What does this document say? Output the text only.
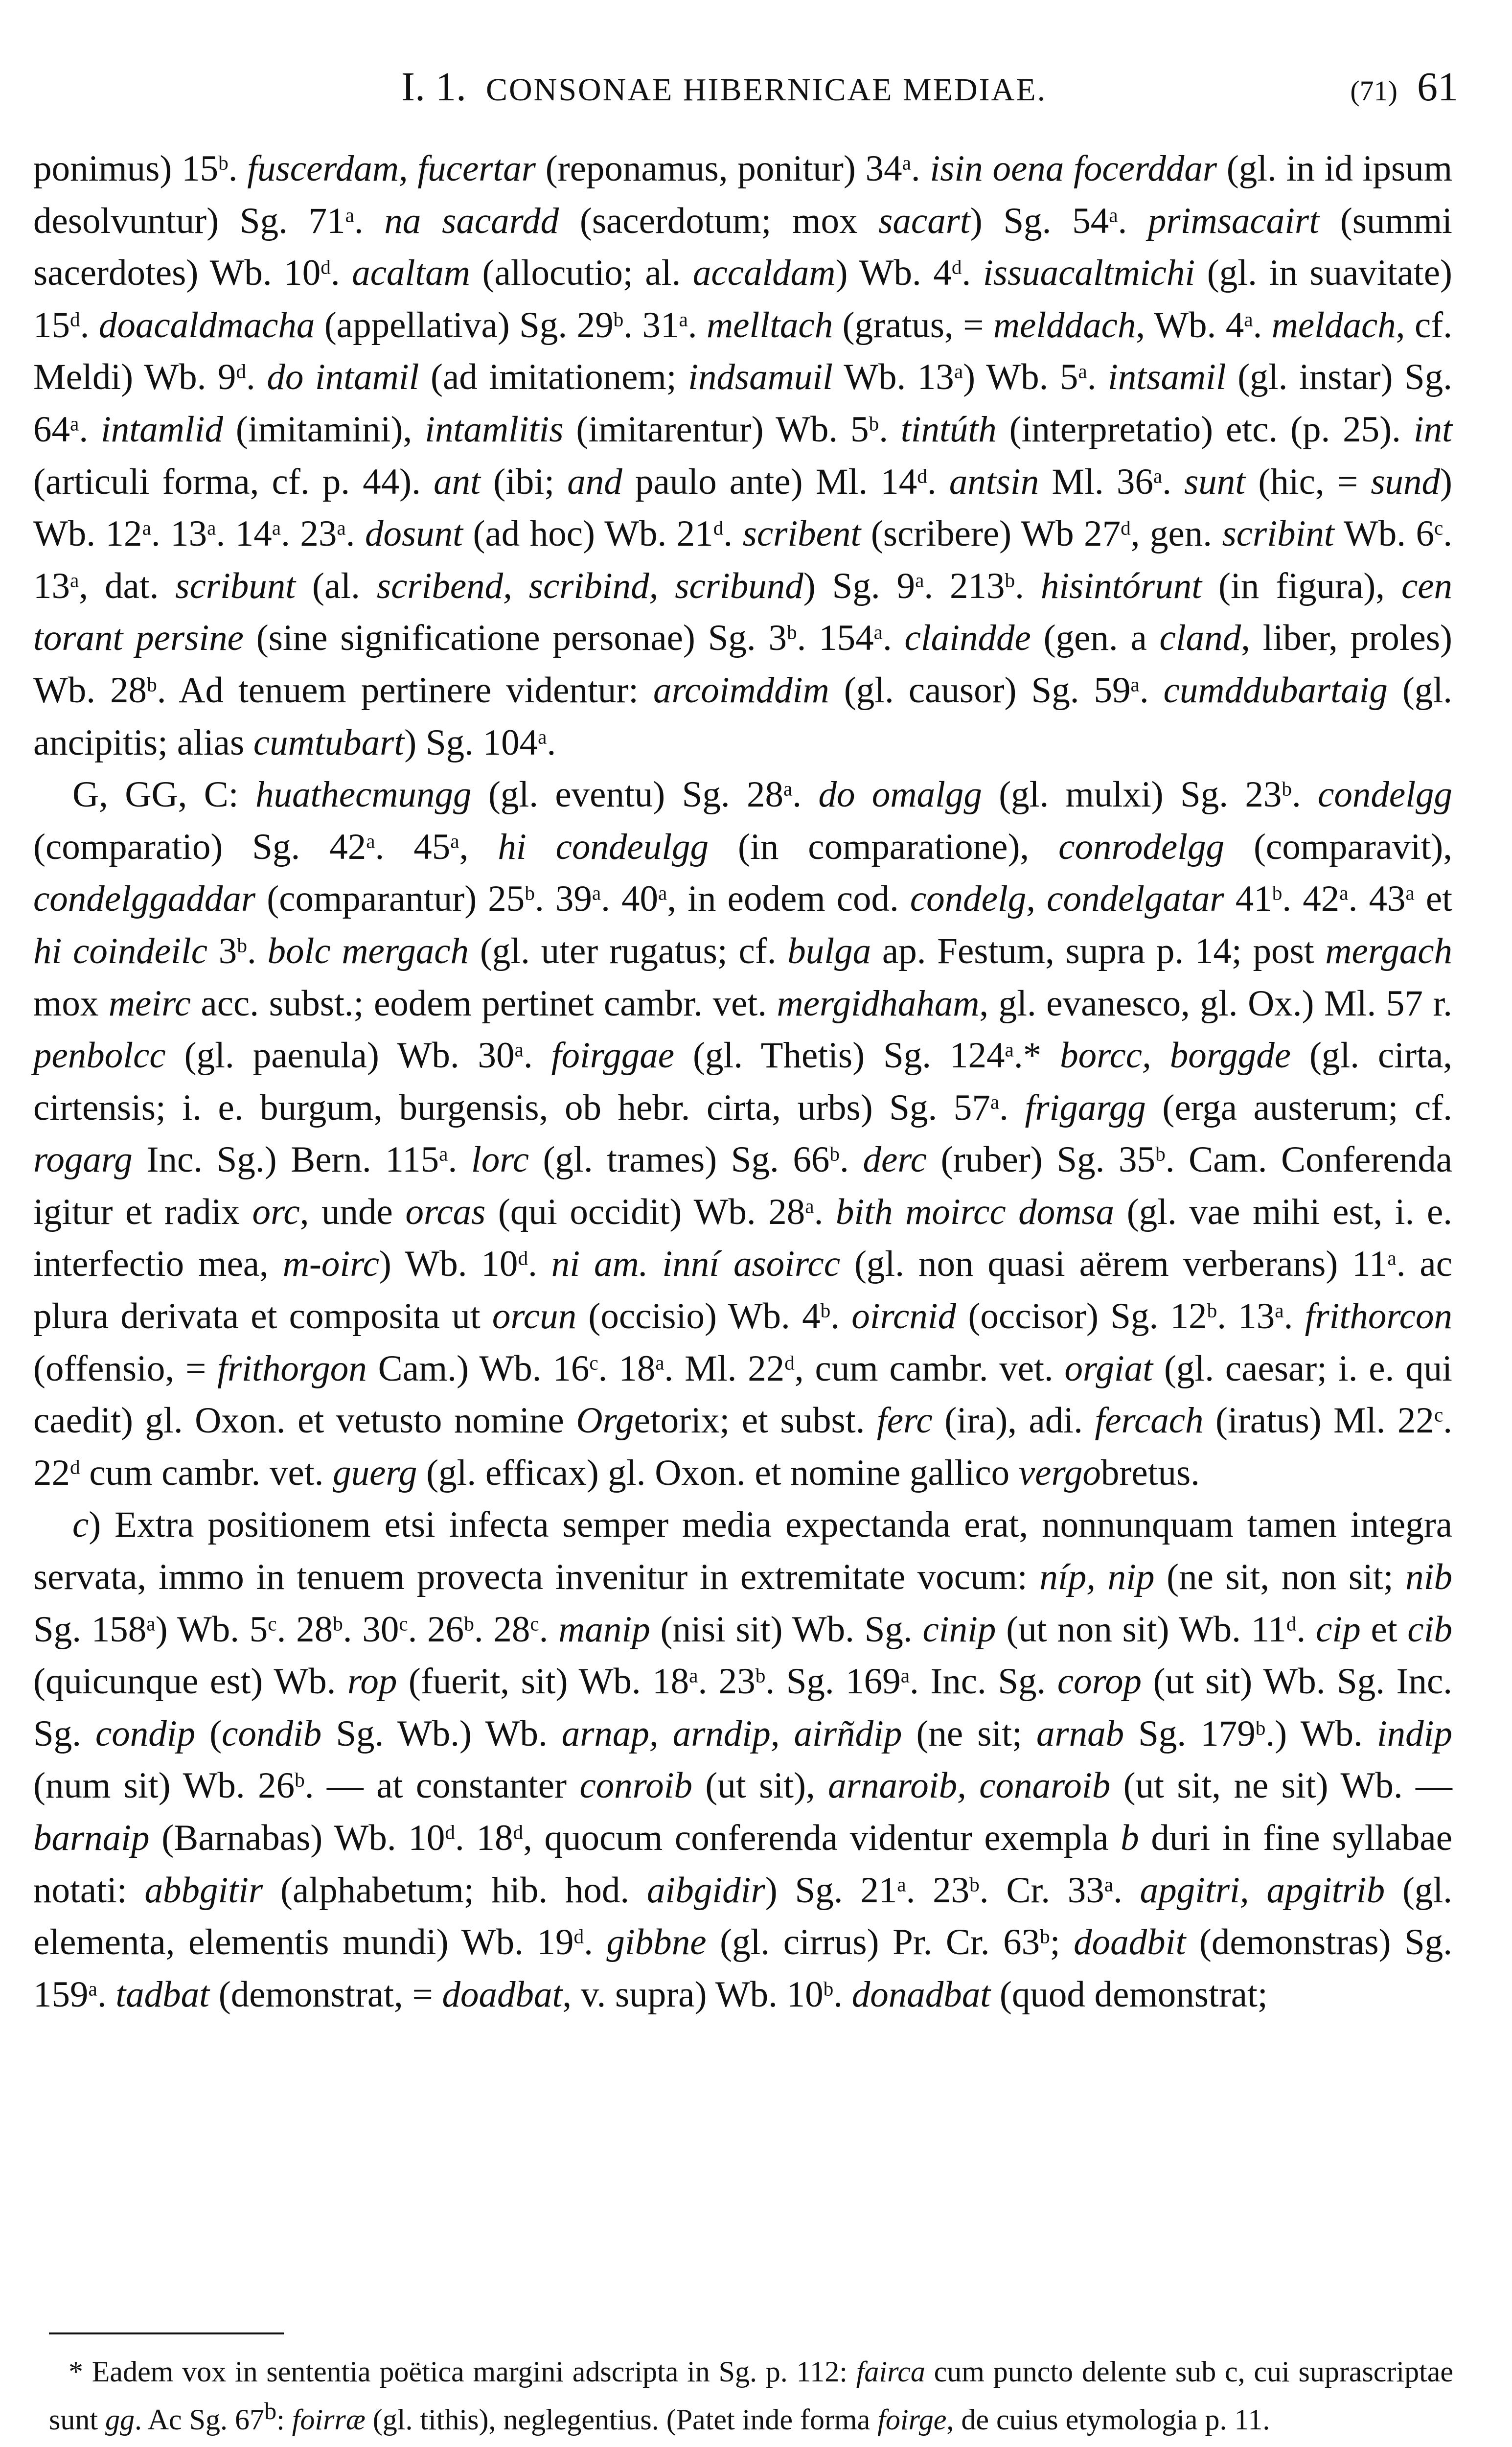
I. 1. CONSONAE HIBERNICAE MEDIAE.	(71) 61

ponimus) 15$^b$. fuscerdam, fucertar (reponamus, ponitur) 34$^a$. isin oena focerddar (gl. in id ipsum desolvuntur) Sg. 71$^a$. na sacardd (sacerdotum; mox sacart) Sg. 54$^a$. primsacairt (summi sacerdotes) Wb. 10$^d$. acaltam (allocutio; al. accaldam) Wb. 4$^d$. issuacaltmichi (gl. in suavitate) 15$^d$. doacaldmacha (appellativa) Sg. 29$^b$. 31$^a$. melltach (gratus, = melddach, Wb. 4$^a$. meldach, cf. Meldi) Wb. 9$^d$. do intamil (ad imitationem; indsamuil Wb. 13$^a$) Wb. 5$^a$. intsamil (gl. instar) Sg. 64$^a$. intamlid (imitamini), intamlitis (imitarentur) Wb. 5$^b$. tintúth (interpretatio) etc. (p. 25). int (articuli forma, cf. p. 44). ant (ibi; and paulo ante) Ml. 14$^d$. antsin Ml. 36$^a$. sunt (hic, = sund) Wb. 12$^a$. 13$^a$. 14$^a$. 23$^a$. dosunt (ad hoc) Wb. 21$^d$. scribent (scribere) Wb 27$^d$, gen. scribint Wb. 6$^c$. 13$^a$, dat. scribunt (al. scribend, scribind, scribund) Sg. 9$^a$. 213$^b$. hisintórunt (in figura), cen torant persine (sine significatione personae) Sg. 3$^b$. 154$^a$. claindde (gen. a cland, liber, proles) Wb. 28$^b$. Ad tenuem pertinere videntur: arcoimddim (gl. causor) Sg. 59$^a$. cumddubartaig (gl. ancipitis; alias cumtubart) Sg. 104$^a$.

G, GG, C: huathecmungg (gl. eventu) Sg. 28$^a$. do omalgg (gl. mulxi) Sg. 23$^b$. condelgg (comparatio) Sg. 42$^a$. 45$^a$, hi condeulgg (in comparatione), conrodelgg (comparavit), condelggaddar (comparantur) 25$^b$. 39$^a$. 40$^a$, in eodem cod. condelg, condelgatar 41$^b$. 42$^a$. 43$^a$ et hi coindeilc 3$^b$. bolc mergach (gl. uter rugatus; cf. bulga ap. Festum, supra p. 14; post mergach mox meirc acc. subst.; eodem pertinet cambr. vet. mergidhaham, gl. evanesco, gl. Ox.) Ml. 57 r. penbolcc (gl. paenula) Wb. 30$^a$. foirggae (gl. Thetis) Sg. 124$^a$.* borcc, borggde (gl. cirta, cirtensis; i. e. burgum, burgensis, ob hebr. cirta, urbs) Sg. 57$^a$. frigargg (erga austerum; cf. rogarg Inc. Sg.) Bern. 115$^a$. lorc (gl. trames) Sg. 66$^b$. derc (ruber) Sg. 35$^b$. Cam. Conferenda igitur et radix orc, unde orcas (qui occidit) Wb. 28$^a$. bith moircc domsa (gl. vae mihi est, i. e. interfectio mea, m-oirc) Wb. 10$^d$. ni am. inní asoircc (gl. non quasi aërem verberans) 11$^a$. ac plura derivata et composita ut orcun (occisio) Wb. 4$^b$. oircnid (occisor) Sg. 12$^b$. 13$^a$. frithorcon (offensio, = frithorgon Cam.) Wb. 16$^c$. 18$^a$. Ml. 22$^d$, cum cambr. vet. orgiat (gl. caesar; i. e. qui caedit) gl. Oxon. et vetusto nomine Orgetorix; et subst. ferc (ira), adi. fercach (iratus) Ml. 22$^c$. 22$^d$ cum cambr. vet. guerg (gl. efficax) gl. Oxon. et nomine gallico vergobretus.

c) Extra positionem etsi infecta semper media expectanda erat, nonnunquam tamen integra servata, immo in tenuem provecta invenitur in extremitate vocum: níp, nip (ne sit, non sit; nib Sg. 158$^a$) Wb. 5$^c$. 28$^b$. 30$^c$. 26$^b$. 28$^c$. manip (nisi sit) Wb. Sg. cinip (ut non sit) Wb. 11$^d$. cip et cib (quicunque est) Wb. rop (fuerit, sit) Wb. 18$^a$. 23$^b$. Sg. 169$^a$. Inc. Sg. corop (ut sit) Wb. Sg. Inc. Sg. condip (condib Sg. Wb.) Wb. arnap, arndip, airñdip (ne sit; arnab Sg. 179$^b$.) Wb. indip (num sit) Wb. 26$^b$. — at constanter conroib (ut sit), arnaroib, conaroib (ut sit, ne sit) Wb. — barnaip (Barnabas) Wb. 10$^d$. 18$^d$, quocum conferenda videntur exempla b duri in fine syllabae notati: abbgitir (alphabetum; hib. hod. aibgidir) Sg. 21$^a$. 23$^b$. Cr. 33$^a$. apgitri, apgitrib (gl. elementa, elementis mundi) Wb. 19$^d$. gibbne (gl. cirrus) Pr. Cr. 63$^b$; doadbit (demonstras) Sg. 159$^a$. tadbat (demonstrat, = doadbat, v. supra) Wb. 10$^b$. donadbat (quod demonstrat;

* Eadem vox in sententia poëtica margini adscripta in Sg. p. 112: fairca cum puncto delente sub c, cui suprascriptae sunt gg. Ac Sg. 67$^b$: foirræ (gl. tithis), neglegentius. (Patet inde forma foirge, de cuius etymologia p. 11.
